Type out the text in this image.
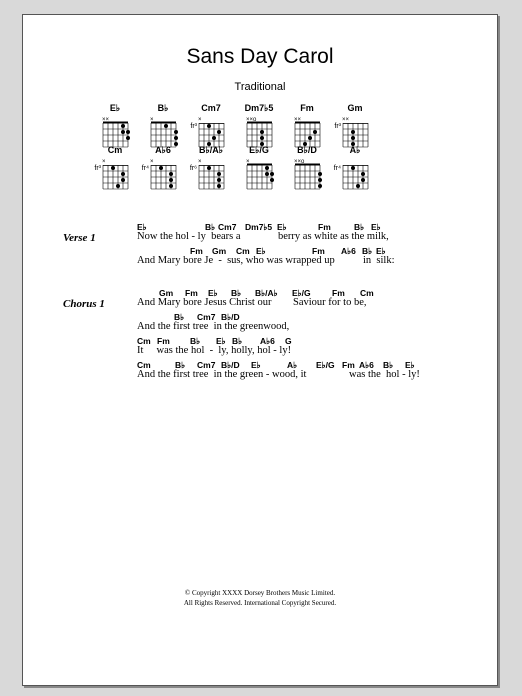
Sans Day Carol
Traditional
E♭
××
B♭
×
Cm7
fr³
×
Dm7♭5
××o
Fm
××
Gm
fr³
××
Cm
fr³
×
A♭6
fr⁴
×
B♭/A♭
fr⁶
×
E♭/G
×
B♭/D
××o
A♭
fr⁴
Verse 1
E♭	B♭ Cm7 Dm7♭5 E♭	Fm	B♭ E♭
Now the hol - ly  bears a	berry as white as the milk,
Fm Gm Cm E♭	Fm A♭6 B♭ E♭
And Mary bore Je  -  sus, who was wrapped up	in  silk:
Chorus 1
Gm Fm E♭ B♭ B♭/A♭ E♭/G	Fm Cm
And Mary bore Jesus Christ our Saviour for to be,
B♭ Cm7 B♭/D
And the first tree  in the greenwood,
Cm Fm B♭ E♭ B♭ A♭6 G
It     was the hol  -  ly, holly, hol - ly!
Cm	B♭ Cm7 B♭/D E♭	A♭ E♭/G Fm A♭6 B♭ E♭
And the first tree  in the green - wood, it	was the  hol - ly!
© Copyright XXXX Dorsey Brothers Music Limited.
All Rights Reserved. International Copyright Secured.
